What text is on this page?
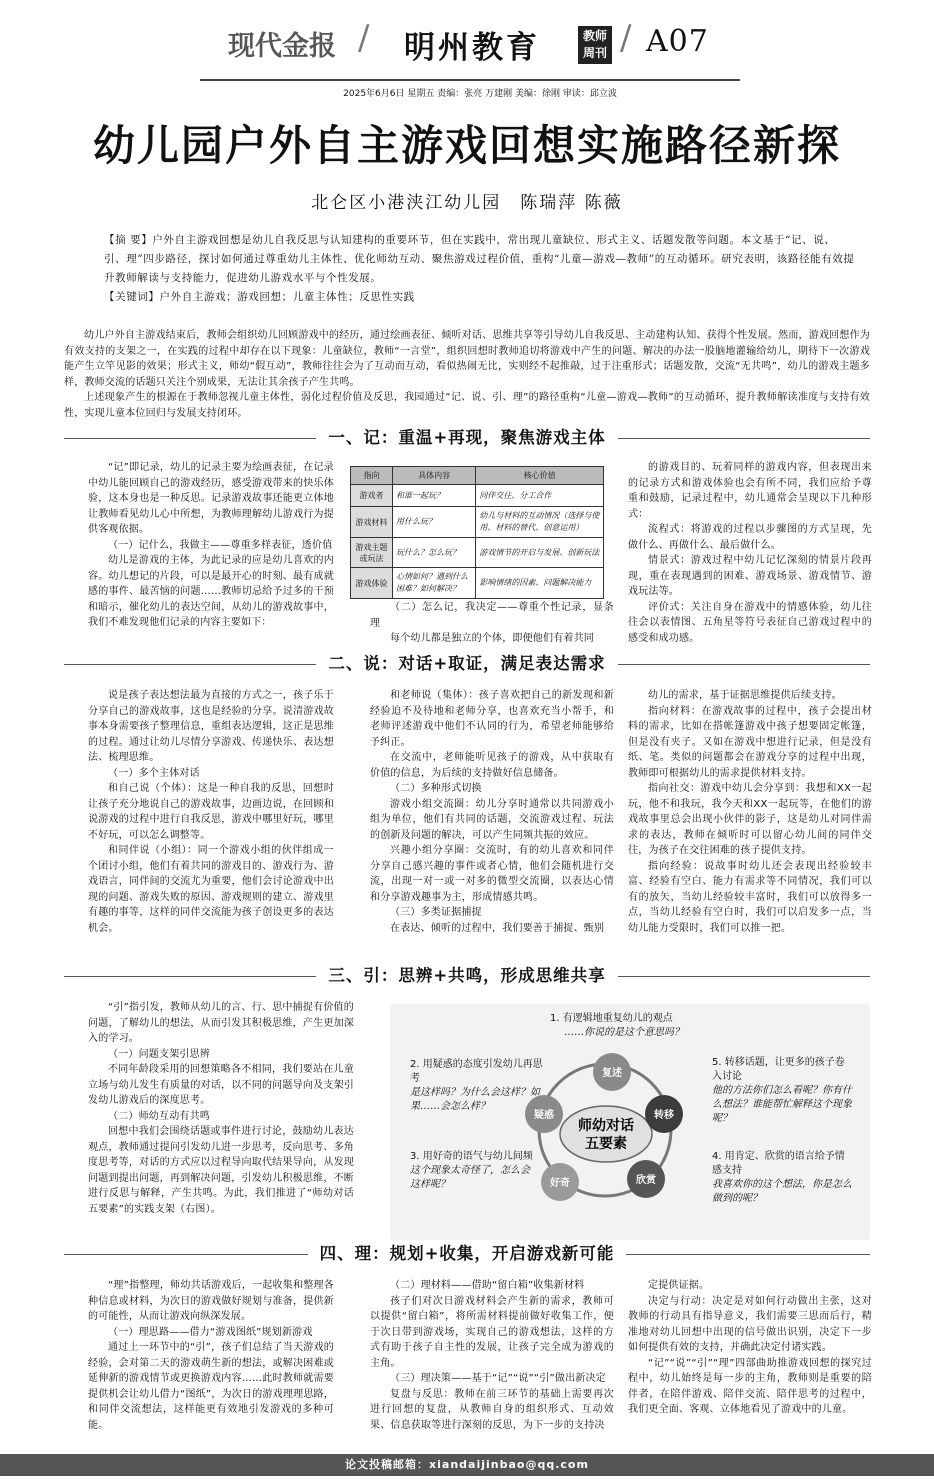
现代金报 / 明州教育	教师周刊 / A07
2025年6月6日 星期五 责编：张亮 万建刚 美编：徐刚 审读：邱立波
幼儿园户外自主游戏回想实施路径新探
北仑区小港浃江幼儿园　陈瑞萍 陈薇

【摘 要】户外自主游戏回想是幼儿自我反思与认知建构的重要环节，但在实践中，常出现儿童缺位、形式主义、话题发散等问题。本文基于“记、说、引、理”四步路径，探讨如何通过尊重幼儿主体性、优化师幼互动、聚焦游戏过程价值，重构“儿童—游戏—教师”的互动循环。研究表明，该路径能有效提升教师解读与支持能力，促进幼儿游戏水平与个性发展。

【关键词】户外自主游戏；游戏回想；儿童主体性；反思性实践

幼儿户外自主游戏结束后，教师会组织幼儿回顾游戏中的经历，通过绘画表征、倾听对话、思维共享等引导幼儿自我反思、主动建构认知、获得个性发展。然而，游戏回想作为有效支持的支架之一，在实践的过程中却存在以下现象：儿童缺位，教师“一言堂”，组织回想时教师追切将游戏中产生的问题、解决的办法一股脑地灌输给幼儿，期待下一次游戏能产生立竿见影的效果；形式主义，师幼“假互动”，教师往往会为了互动而互动，看似热闹无比，实则经不起推敲，过于注重形式；话题发散，交流“无共鸣”，幼儿的游戏主题多样，教师交流的话题只关注个别成果，无法让其余孩子产生共鸣。

上述现象产生的根源在于教师忽视儿童主体性，弱化过程价值及反思，我园通过“记、说、引、理”的路径重构“儿童—游戏—教师”的互动循环，提升教师解读准度与支持有效性，实现儿童本位回归与发展支持闭环。

一、记：重温+再现，聚焦游戏主体

“记”即记录，幼儿的记录主要为绘画表征，在记录中幼儿能回顾自己的游戏经历，感受游戏带来的快乐体验，这本身也是一种反思。记录游戏故事还能更立体地让教师看见幼儿心中所想，为教师理解幼儿游戏行为提供客观依据。

（一）记什么，我做主——尊重多样表征，透价值

幼儿是游戏的主体，为此记录的应是幼儿喜欢的内容。幼儿想记的片段，可以是最开心的时刻、最有成就感的事件、最苦恼的问题……教师切忌给予过多的干预和暗示，催化幼儿的表达空间，从幼儿的游戏故事中，我们不难发现他们记录的内容主要如下：

指向	具体内容	核心价值
游戏者	和谁一起玩？	同伴交往、分工合作
游戏材料	用什么玩？	幼儿与材料的互动情况（选择与使用、材料的替代、创意运用）
游戏主题或玩法	玩什么？怎么玩？	游戏情节的开启与发展、创新玩法
游戏体验	心情如何？遇到什么困难？如何解决？	影响情绪的因素、问题解决能力

（二）怎么记，我决定——尊重个性记录，显条理

每个幼儿都是独立的个体，即便他们有着共同

的游戏目的、玩着同样的游戏内容，但表现出来的记录方式和游戏体验也会有所不同，我们应给予尊重和鼓励，记录过程中，幼儿通常会呈现以下几种形式：

流程式：将游戏的过程以步骤图的方式呈现，先做什么、再做什么、最后做什么。

情景式：游戏过程中幼儿记忆深刻的情景片段再现，重在表现遇到的困难、游戏场景、游戏情节、游戏玩法等。

评价式：关注自身在游戏中的情感体验，幼儿往往会以表情图、五角星等符号表征自己游戏过程中的感受和成功感。

二、说：对话+取证，满足表达需求

说是孩子表达想法最为直接的方式之一，孩子乐于分享自己的游戏故事，这也是经验的分享。说清游戏故事本身需要孩子整理信息，重组表达逻辑，这正是思维的过程。通过让幼儿尽情分享游戏、传递快乐、表达想法、梳理思维。

（一）多个主体对话

和自己说（个体）：这是一种自我的反思，回想时让孩子充分地说自己的游戏故事，边画边说，在回顾和说游戏的过程中进行自我反思，游戏中哪里好玩，哪里不好玩，可以怎么调整等。

和同伴说（小组）：同一个游戏小组的伙伴组成一个团讨小组，他们有着共同的游戏目的、游戏行为、游戏语言，同伴间的交流尤为重要，他们会讨论游戏中出现的问题、游戏失败的原因、游戏规则的建立、游戏里有趣的事等，这样的同伴交流能为孩子创设更多的表达机会。

和老师说（集体）：孩子喜欢把自己的新发现和新经验迫不及待地和老师分享，也喜欢充当小帮手，和老师评述游戏中他们不认同的行为，希望老师能够给予纠正。

在交流中，老师能听见孩子的游戏，从中获取有价值的信息，为后续的支持做好信息储备。

（二）多种形式切换

游戏小组交流圈：幼儿分享时通常以共同游戏小组为单位，他们有共同的话题，交流游戏过程、玩法的创新及问题的解决，可以产生同频共振的效应。

兴趣小组分享圈：交流时，有的幼儿喜欢和同伴分享自己感兴趣的事件或者心情，他们会随机进行交流，出现一对一或一对多的微型交流圈，以表达心情和分享游戏趣事为主，形成情感共鸣。

（三）多类证据捕捉

在表达、倾听的过程中，我们要善于捕捉、甄别

幼儿的需求，基于证据思维提供后续支持。

指向材料：在游戏故事的过程中，孩子会提出材料的需求，比如在搭帐篷游戏中孩子想要固定帐篷，但是没有夹子。又如在游戏中想进行记录，但是没有纸、笔。类似的问题都会在游戏分享的过程中出现，教师即可根据幼儿的需求提供材料支持。

指向社交：游戏中幼儿会分享到：我想和XX一起玩，他不和我玩，我今天和XX一起玩等，在他们的游戏故事里总会出现小伙伴的影子，这是幼儿对同伴需求的表达，教师在倾听时可以留心幼儿间的同伴交往，为孩子在交往困难的孩子提供支持。

指向经验：说故事时幼儿还会表现出经验较丰富、经验有空白、能力有需求等不同情况，我们可以有的放矢，当幼儿经验较丰富时，我们可以放得多一点，当幼儿经验有空白时，我们可以启发多一点，当幼儿能力受限时，我们可以推一把。

三、引：思辨+共鸣，形成思维共享

“引”指引发，教师从幼儿的言、行、思中捕捉有价值的问题，了解幼儿的想法，从而引发其积极思维，产生更加深入的学习。

（一）问题支架引思辨

不同年龄段采用的回想策略各不相同，我们要站在儿童立场与幼儿发生有质量的对话，以不同的问题导向及支架引发幼儿游戏后的深度思考。

（二）师幼互动有共鸣

回想中我们会围绕话题或事件进行讨论，鼓励幼儿表达观点，教师通过提问引发幼儿进一步思考，反向思考、多角度思考等，对话的方式应以过程导向取代结果导向，从发现问题到提出问题，再到解决问题，引发幼儿积极思维，不断进行反思与解释，产生共鸣。为此，我们推进了“师幼对话五要素”的实践支架（右图）。

师幼对话
五要素
复述
转移
欣赏
好奇
疑惑
1. 有逻辑地重复幼儿的观点
……你说的是这个意思吗？
2. 用疑惑的态度引发幼儿再思考
是这样吗？为什么会这样？如果……会怎么样？
3. 用好奇的语气与幼儿间频
这个现象太奇怪了，怎么会这样呢？
5. 转移话题，让更多的孩子卷入讨论
他的方法你们怎么看呢？你有什么想法？谁能帮忙解释这个现象呢？
4. 用肯定、欣赏的语言给予情感支持
我喜欢你的这个想法，你是怎么做到的呢？
四、理：规划+收集，开启游戏新可能

“理”指整理，师幼共话游戏后，一起收集和整理各种信息或材料，为次日的游戏做好规划与准备，提供新的可能性，从而让游戏向纵深发展。

（一）理思路——借力“游戏图纸”规划新游戏

通过上一环节中的“引”，孩子们总结了当天游戏的经验，会对第二天的游戏萌生新的想法，或解决困难或延伸新的游戏情节或更换游戏内容……此时教师就需要提供机会让幼儿借力“图纸”，为次日的游戏理理思路，和同伴交流想法，这样能更有效地引发游戏的多种可能。

（二）理材料——借助“留白箱”收集新材料

孩子们对次日游戏材料会产生新的需求，教师可以提供“留白箱”，将所需材料提前做好收集工作，便于次日带到游戏场，实现自己的游戏想法，这样的方式有助于孩子自主性的发展，让孩子完全成为游戏的主角。

（三）理决策——基于“记”“说”“引”做出新决定

复盘与反思：教师在前三环节的基础上需要再次进行回想的复盘，从教师自身的组织形式、互动效果、信息获取等进行深刻的反思，为下一步的支持决

定提供证据。

决定与行动：决定是对如何行动做出主张，这对教师的行动具有指导意义，我们需要三思而后行，精准地对幼儿回想中出现的信号做出识别，决定下一步如何提供有效的支持，并确此决定付诸实践。

“记”“说”“引”“理”四部曲助推游戏回想的探究过程中，幼儿始终是每一步的主角，教师则是重要的陪伴者，在陪伴游戏、陪伴交流、陪伴思考的过程中，我们更全面、客观、立体地看见了游戏中的儿童。

论文投稿邮箱：xiandaijinbao@qq.com
